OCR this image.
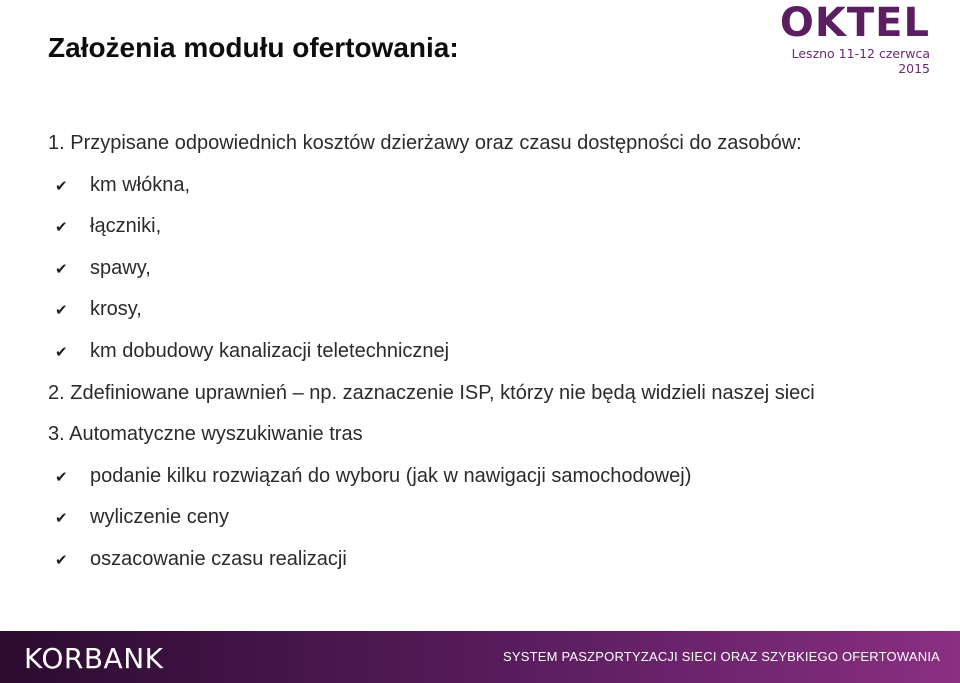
Założenia modułu ofertowania:
OKTEL
Leszno 11-12 czerwca 2015
1. Przypisane odpowiednich kosztów dzierżawy oraz czasu dostępności do zasobów:
✔ km włókna,
✔ łączniki,
✔ spawy,
✔ krosy,
✔ km dobudowy kanalizacji teletechnicznej
2. Zdefiniowane uprawnień – np. zaznaczenie ISP, którzy nie będą widzieli naszej sieci
3. Automatyczne wyszukiwanie tras
✔ podanie kilku rozwiązań do wyboru (jak w nawigacji samochodowej)
✔ wyliczenie ceny
✔ oszacowanie czasu realizacji
KORBANK	SYSTEM PASZPORTYZACJI SIECI ORAZ SZYBKIEGO OFERTOWANIA
